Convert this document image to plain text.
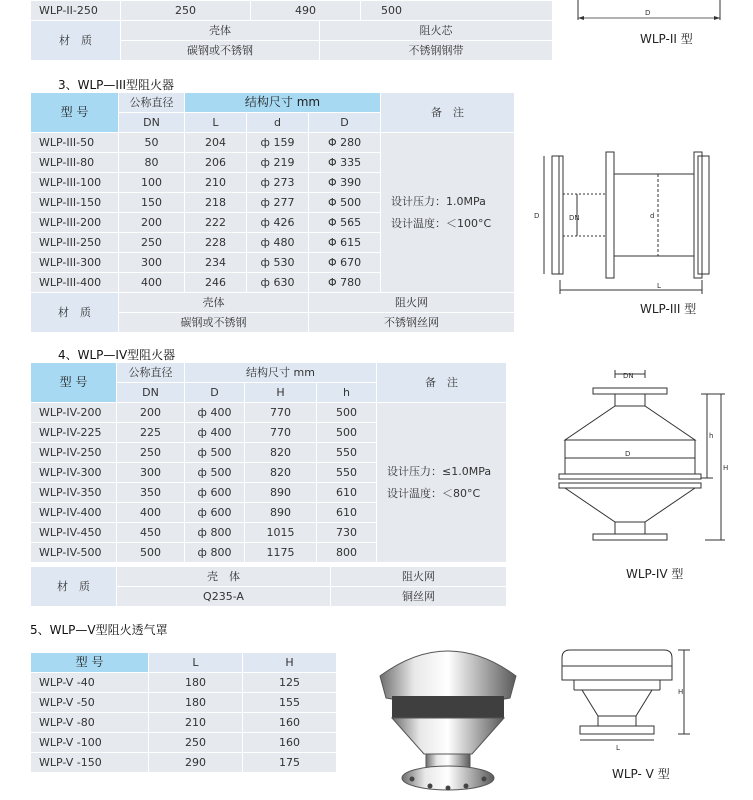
WLP-II-250	250	490	500
材　质	壳体	阻火芯
	碳钢或不锈钢	不锈钢钢带
D
WLP-II 型
3、WLP—III型阻火器
型 号	公称直径	结构尺寸 mm			备　注
	DN	L	d	D	
WLP-III-50	50	204	ф 159	Φ 280	设计压力：1.0MPa
设计温度：＜100°C
WLP-III-80	80	206	ф 219	Φ 335	
WLP-III-100	100	210	ф 273	Φ 390	
WLP-III-150	150	218	ф 277	Φ 500	
WLP-III-200	200	222	ф 426	Φ 565	
WLP-III-250	250	228	ф 480	Φ 615	
WLP-III-300	300	234	ф 530	Φ 670	
WLP-III-400	400	246	ф 630	Φ 780	
材　质	壳体	阻火网
	碳钢或不锈钢	不锈钢丝网
D	DN	d
L
WLP-III 型
4、WLP—IV型阻火器
型 号	公称直径	结构尺寸 mm			备　注
	DN	D	H	h	
WLP-IV-200	200	ф 400	770	500	设计压力：≤1.0MPa
设计温度：＜80°C
WLP-IV-225	225	ф 400	770	500	
WLP-IV-250	250	ф 500	820	550	
WLP-IV-300	300	ф 500	820	550	
WLP-IV-350	350	ф 600	890	610	
WLP-IV-400	400	ф 600	890	610	
WLP-IV-450	450	ф 800	1015	730	
WLP-IV-500	500	ф 800	1175	800	
材　质	壳　体	阻火网
	Q235-A	铜丝网
DN
D
h
H
WLP-IV 型
5、WLP—V型阻火透气罩
型 号	L	H
WLP-V -40	180	125
WLP-V -50	180	155
WLP-V -80	210	160
WLP-V -100	250	160
WLP-V -150	290	175
H
L
WLP- V 型
